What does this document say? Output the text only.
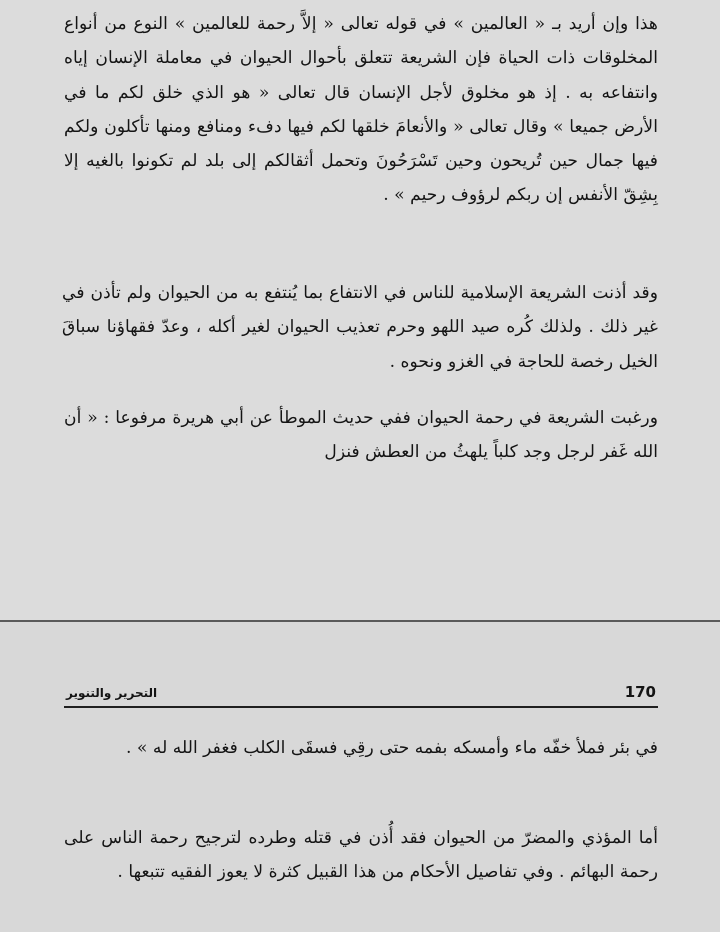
هذا وإن أريد بـ « العالمين » في قوله تعالى « إلاَّ رحمة للعالمين » النوع من أنواع المخلوقات ذات الحياة فإن الشريعة تتعلق بأحوال الحيوان في معاملة الإنسان إياه وانتفاعه به . إذ هو مخلوق لأجل الإنسان قال تعالى « هو الذي خلق لكم ما في الأرض جميعا » وقال تعالى « والأنعامَ خلقها لكم فيها دفء ومنافع ومنها تأكلون ولكم فيها جمال حين تُريحون وحين تَسْرَحُونَ وتحمل أثقالكم إلى بلد لم تكونوا بالغيه إلا بِشِقّ الأنفس إن ربكم لرؤوف رحيم » .

وقد أذنت الشريعة الإسلامية للناس في الانتفاع بما يُنتفع به من الحيوان ولم تأذن في غير ذلك . ولذلك كُره صيد اللهو وحرم تعذيب الحيوان لغير أكله ، وعدّ فقهاؤنا سباقَ الخيل رخصة للحاجة في الغزو ونحوه .

ورغبت الشريعة في رحمة الحيوان ففي حديث الموطأ عن أبي هريرة مرفوعا : « أن الله غَفر لرجل وجد كلباً يلهثُ من العطش فنزل

170
التحرير والتنوير

في بئر فملأ خفّه ماء وأمسكه بفمه حتى رقِي فسقَى الكلب فغفر الله له » .

أما المؤذي والمضرّ من الحيوان فقد أُذن في قتله وطرده لترجيح رحمة الناس على رحمة البهائم . وفي تفاصيل الأحكام من هذا القبيل كثرة لا يعوز الفقيه تتبعها .
